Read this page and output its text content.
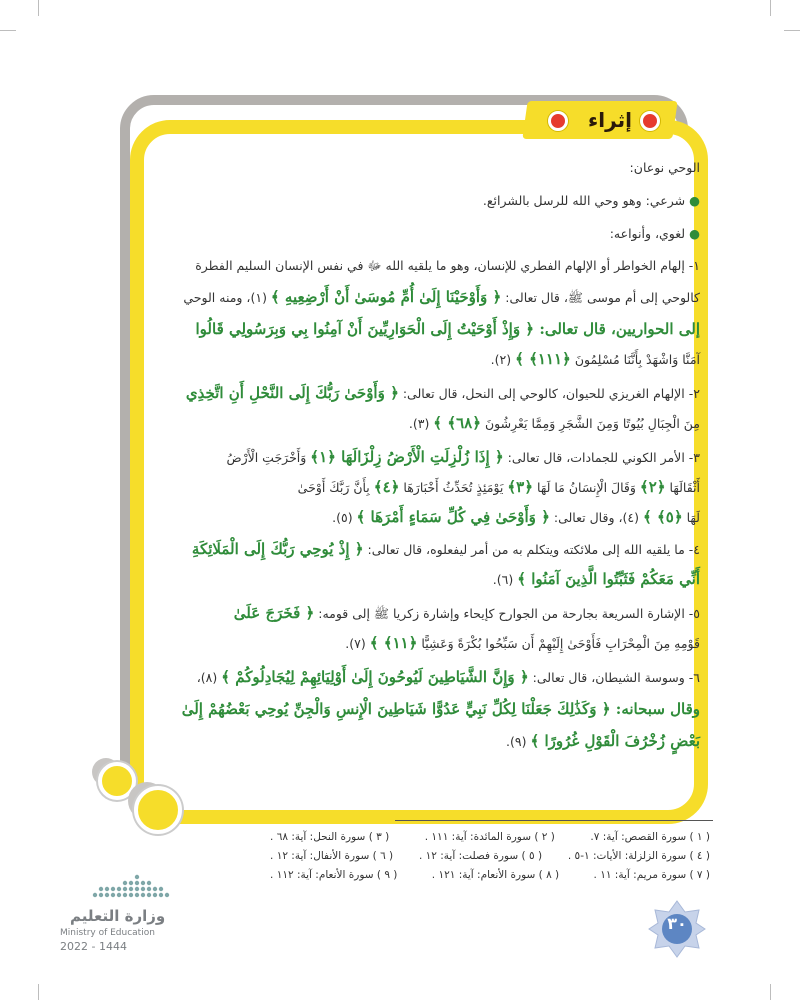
إثراء
الوحي نوعان:
● شرعي: وهو وحي الله للرسل بالشرائع.
● لغوي، وأنواعه:
١- إلهام الخواطر أو الإلهام الفطري للإنسان، وهو ما يلقيه الله ﷻ في نفس الإنسان السليم الفطرة
كالوحي إلى أم موسى ﷺ، قال تعالى: ﴿ وَأَوْحَيْنَا إِلَىٰ أُمِّ مُوسَىٰ أَنْ أَرْضِعِيهِ ﴾ (١)، ومنه الوحي
إلى الحواريين، قال تعالى: ﴿ وَإِذْ أَوْحَيْتُ إِلَى الْحَوَارِيِّينَ أَنْ آمِنُوا بِي وَبِرَسُولِي قَالُوا
آمَنَّا وَاشْهَدْ بِأَنَّنَا مُسْلِمُونَ ﴿١١١﴾ ﴾ (٢).
٢- الإلهام الغريزي للحيوان، كالوحي إلى النحل، قال تعالى: ﴿ وَأَوْحَىٰ رَبُّكَ إِلَى النَّحْلِ أَنِ اتَّخِذِي
مِنَ الْجِبَالِ بُيُوتًا وَمِنَ الشَّجَرِ وَمِمَّا يَعْرِشُونَ ﴿٦٨﴾ ﴾ (٣).
٣- الأمر الكوني للجمادات، قال تعالى: ﴿ إِذَا زُلْزِلَتِ الْأَرْضُ زِلْزَالَهَا ﴿١﴾ وَأَخْرَجَتِ الْأَرْضُ
أَثْقَالَهَا ﴿٢﴾ وَقَالَ الْإِنسَانُ مَا لَهَا ﴿٣﴾ يَوْمَئِذٍ تُحَدِّثُ أَخْبَارَهَا ﴿٤﴾ بِأَنَّ رَبَّكَ أَوْحَىٰ
لَهَا ﴿٥﴾ ﴾ (٤)، وقال تعالى: ﴿ وَأَوْحَىٰ فِي كُلِّ سَمَاءٍ أَمْرَهَا ﴾ (٥).
٤- ما يلقيه الله إلى ملائكته ويتكلم به من أمر ليفعلوه، قال تعالى: ﴿ إِذْ يُوحِي رَبُّكَ إِلَى الْمَلَائِكَةِ
أَنِّي مَعَكُمْ فَثَبِّتُوا الَّذِينَ آمَنُوا ﴾ (٦).
٥- الإشارة السريعة بجارحة من الجوارح كإيحاء وإشارة زكريا ﷺ إلى قومه: ﴿ فَخَرَجَ عَلَىٰ
قَوْمِهِ مِنَ الْمِحْرَابِ فَأَوْحَىٰ إِلَيْهِمْ أَن سَبِّحُوا بُكْرَةً وَعَشِيًّا ﴿١١﴾ ﴾ (٧).
٦- وسوسة الشيطان، قال تعالى: ﴿ وَإِنَّ الشَّيَاطِينَ لَيُوحُونَ إِلَىٰ أَوْلِيَائِهِمْ لِيُجَادِلُوكُمْ ﴾ (٨)،
وقال سبحانه: ﴿ وَكَذَٰلِكَ جَعَلْنَا لِكُلِّ نَبِيٍّ عَدُوًّا شَيَاطِينَ الْإِنسِ وَالْجِنِّ يُوحِي بَعْضُهُمْ إِلَىٰ
بَعْضٍ زُخْرُفَ الْقَوْلِ غُرُورًا ﴾ (٩).
( ١ ) سورة القصص: آية: ٧.
( ٢ ) سورة المائدة: آية: ١١١ .
( ٣ ) سورة النحل: آية: ٦٨ .
( ٤ ) سورة الزلزلة: الأيات: ١-٥ .
( ٥ ) سورة فصلت: آية: ١٢ .
( ٦ ) سورة الأنفال: آية: ١٢ .
( ٧ ) سورة مريم: آية: ١١ .
( ٨ ) سورة الأنعام: آية: ١٢١ .
( ٩ ) سورة الأنعام: آية: ١١٢ .
وزارة التعليم
Ministry of Education
2022 - 1444
٣٠
